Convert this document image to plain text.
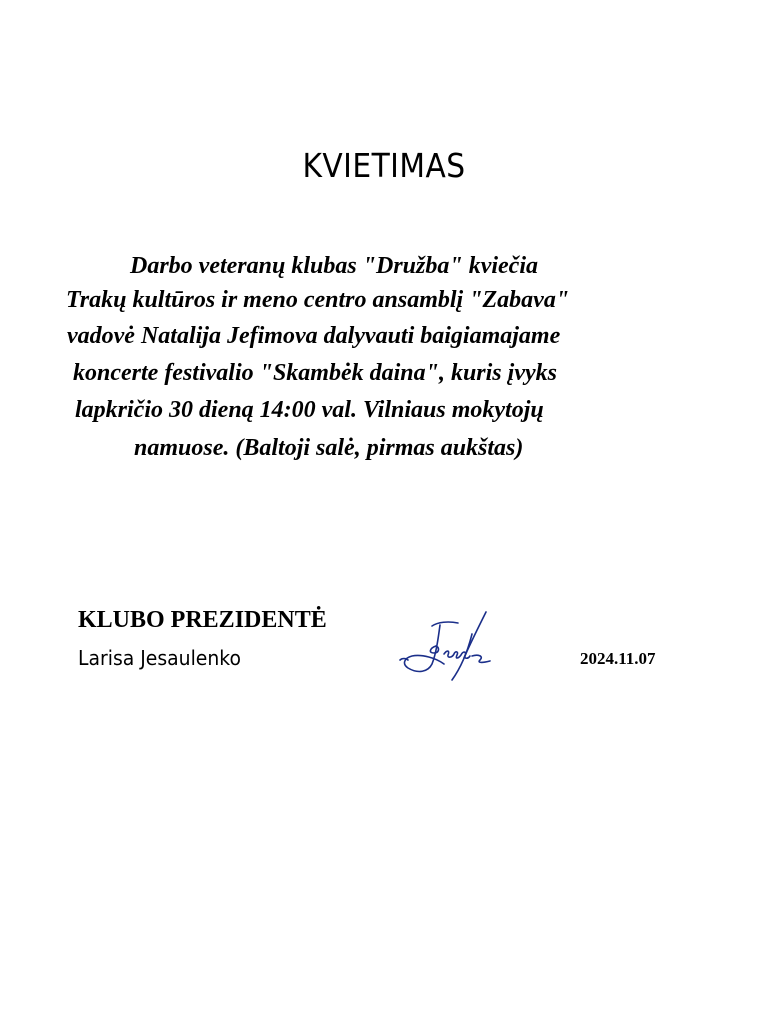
KVIETIMAS
Darbo veteranų klubas "Družba" kviečia
Trakų kultūros ir meno centro ansamblį "Zabava"
vadovė Natalija Jefimova dalyvauti baigiamajame
koncerte festivalio "Skambėk daina", kuris įvyks
lapkričio 30 dieną 14:00 val. Vilniaus mokytojų
namuose. (Baltoji salė, pirmas aukštas)
KLUBO PREZIDENTĖ
Larisa Jesaulenko	2024.11.07
